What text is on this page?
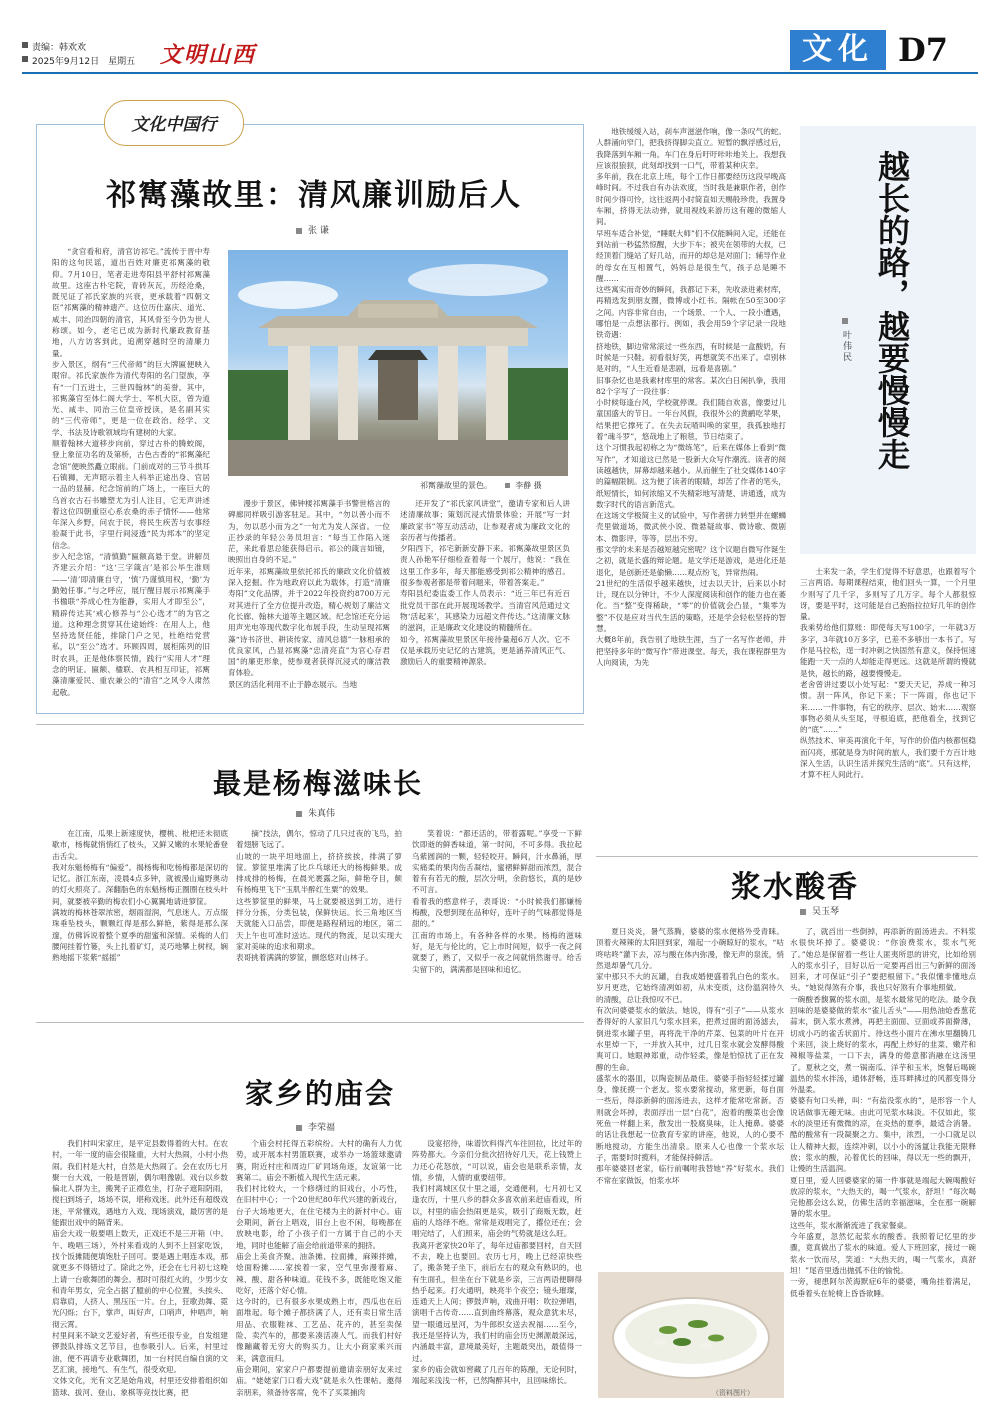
责编：韩欢欢
2025年9月12日　星期五 文明山西	文化 D7
文化中国行
祁寯藻故里：清风廉训励后人
张 谦
“贪官看和府，清官访祁宅。”流传于晋中寿阳的这句民谣，道出百姓对廉吏祁寯藻的敬仰。7月10日，笔者走进寿阳县平舒村祁寯藻故里。这座古朴宅院，青砖灰瓦，历经沧桑，既见证了祁氏家族的兴衰，更承载着“四朝文臣”祁寯藻的精神遗产。这位历仕嘉庆、道光、咸丰、同治四朝的清官，其风骨至今仍为世人称颂。如今，老宅已成为新时代廉政教育基地，八方访客到此，追溯穿越时空的清廉力量。
步入景区，纲有“三代帝师”的巨大牌匾便映入眼帘。祁氏家族作为清代寿阳的名门望族，享有“一门五进士，三世四翰林”的美誉。其中，祁寯藻官至体仁阁大学士、军机大臣，曾为道光、咸丰、同治三位皇帝授读，是名副其实的“三代帝师”，更是一位在政治、经学、文学、书法及诗歌领域均有建树的大家。
顺着翰林大道移步向前，穿过古朴的腾蛟阁，登上象征功名的及第桥，古色古香的“祁寯藻纪念馆”便映然矗立眼前。门前成对的三节斗拱耳石镇狮，无声昭示着主人科举正途出身、官居一品的显赫。纪念馆前的广场上，一座巨大的乌首衣古石书雕塑尤为引人注目，它无声讲述着这位四朝重臣心系农桑的赤子情怀——他常年深入乡野，问农于民，将民生疾苦与农事经验凝于此书，字里行间浸透“民为邦本”的坚定信念。
步入纪念馆，“清慎勤”匾额高悬于堂。讲解员齐建云介绍：“这‘三字箴言’是祁公毕生准则——‘清’即清廉自守，‘慎’乃谨慎用权，‘勤’为勤勉任事。”与之呼应，展厅醒目展示祁寯藻手书楹联“养成心性为能静，实用人才即至公”，精辟传达其‘戒心修养与“公心选才”的为官之道。这种理念贯穿其仕途始终：在用人上，他坚持选贤任能，排除门户之见，杜绝结党营私，以“至公”选才。环顾四周，展柜陈列的旧时农具，正是他体察民情，践行“实用人才”理念的明证。匾额、楹联、农具相互印证，祁寯藻清廉爱民、重农兼公的“清官”之风令人肃然起敬。
祁寯藻故里的景色。	李静 摄
漫步于景区，佛钟楼祁寯藻手书警世格言的碑廊同样吸引游客驻足。其中，“勿以善小而不为，勿以恶小而为之”一句尤为发人深省。一位正抄录的年轻公务员坦言：“每当工作陷入迷茫，来此看思总能获得启示。祁公的箴言如镜，映照出自身的不足。”
近年来，祁寯藻故里依托祁氏的廉政文化价值被深入挖掘。作为地政府以此为载体，打造“清廉寿阳”文化品牌，并于2022年投资约8700万元对其进行了全方位提升改造，精心规划了廉洁文化长廊、翰林大道等主题区域。纪念馆还充分运用声光电等现代数字化布展手段，生动呈现祁寯藻“诗书济世、耕读传家、清风总德”一脉相承的优良家风，凸显祁寯藻“忠清亮直”为官心存君国”的廉吏形象，使参观者获得沉浸式的廉洁教育体验。
景区的活化利用不止于静态展示。当地
还开发了“祁氏家风讲堂”，邀请专家和后人讲述清廉故事；策划沉浸式情景体验；开展“写一封廉政家书”等互动活动，让参观者成为廉政文化的亲历者与传播者。
夕阳西下，祁宅新新安静下来。祁寯藻故里景区负责人孙艳军仔细检查着每一个展厅，他说：“我在这里工作多年，每天都能感受到祁公精神的感召。很多参观者都是带着问题来，带着答案走。”
寿阳县纪委监委工作人员表示：“近三年已有近百批党员干部在此开展现场教学。当清官风范通过文物‘活起来’，其感染力远超文件传达。”这清廉文脉的滋润，正是廉政文化建设的精髓所在。
如今，祁寯藻故里景区年接待量超6万人次。它不仅是承载历史记忆的古建筑，更是涵养清风正气、激励后人的重要精神源泉。
地铁缓缓入站，刹车声滋滋作响，像一条叹气的蛇。人群涌向窄门，把我挤得脚尖直立。短暂的飘浮感过后，我降落到车厢一角。车门在身后吁吁咔咔地关上。我想我应该很狼狈，此刻却找到一口气，带着某种庆幸。
多年前，我在北京上班，每个工作日都要经历这段早晚高峰时间。不过我自有办法欢度，当时我是兼职作者，创作时间少得可怜，这往返两小时简直如天赐般珍贵。我置身车厢，挤得无法动弹，就用视线来游历这有趣的微缩人间。
早班车适合补觉，“睡眠大师”们不仅能瞬间入定，还能在到站前一秒猛然惊醒，大步下车；被夹在领带的大叔，已经顶着门缝站了好几站，而开的却总是对面门；辅导作业的母女在互相置气，妈妈总是很生气，孩子总是睡不醒……
这些寓实而奇妙的瞬间，我都记下来，先收录进素材库，再精选发到朋友圈，微博或小红书。隔帐在50至300字之间。内容非常自由，一个场景、一个人、一段小遭遇，哪怕是一点想法都行。例如，我会用59个字记录一段地铁奇遇：
挤地铁，脚边常常滚过一些东西，有时候是一盒酸奶，有时候是一只鞋。初看很好笑，再想就笑不出来了。卓别林是对的，“人生近看是悲剧，远看是喜剧。”
旧事杂忆也是我素材库里的常客。某次白日闲扒拳，我用82个字写了一段往事：
小时候每逢台风，学校就停课。我们随自欢喜，像要过儿童国盛大的节日。一年台风假，我很外公的黄鹂吃苹果，结果把它撑死了。在失去玩喳叫唤的家里，我孤独地打着“魂斗罗”，悠哉地上了粮毯，节日结束了。
这个习惯我起初称之为“微练笔”，后来在媒体上看到“微写作”，才知道这已然是一股新大众写作潮流。读者的阅读越越快，屏幕却越来越小。从而催生了社交媒体140字的篇幅限制。这为便了读者的眼睛，却苦了作者的笔头，纸短情长，如何浓缩又不失精彩地写清楚、讲通透，成为数字时代的语言新范式。
在这场文学极简主义的试验中，写作者拼力转型并在螺蛳壳里做道场，微武侠小说、微悬疑故事、微诗歌、微剧本、微影评，等等，层出不穷。
那文学的未来是否越短越完密呢？这个议题自微写作诞生之初，就是长盛的辩论题。是文学还是游戏，是进化还是退化，是创新还是偷懒……观点纷飞，异常热闹。
21世纪的生活似乎越来越快，过去以天计，后来以小时计，现在以分钟计，不少人深度阅读和创作的能力也在萎化。当“整”变得稀缺，“零”的价值就会凸显，“集零为整”不仅是应对当代生活的策略，还是学会轻松坚持的智慧。
大概8年前，我告别了地铁生涯，当了一名写作老师，并把坚持多年的“微写作”带进课堂。每天，我在课程群里为人向阅读，为先
越长的路，越要慢慢走
叶伟民
士来发一条，学生们觉得不好意思，也跟着写个三言两语。每期课程结束，他们回头一算，一个月里少则写了几千字，多则写了几万字。每个人都很惊讶，要是平时，这可能是自己抱指拉拉好几年的创作量。
我乘势给他们算账：即使每天写100字，一年就3万多字，3年就10万多字，已差不多够出一本书了。写作是马拉松，逞一时冲刺之快固然有意义，保持恒速能跑一天一点的人却能走得更远。这就是所谓的慢就是快，越长的路，越要慢慢走。
老舍曾讲过要以小处写起：“要天天记，养成一种习惯。刮一阵风，你记下来；下一阵雨，你也记下来……一件事物，有它的秩序、层次、始末……观察事物必须从头至尾，寻根追底，把他看全，找到它的“底”……”
纵然技术、审美再演化千年，写作的价值内核都恒稳而闪亮，那就是身为时间的旅人，我们要千方百计地深入生活，认识生活并探究生活的“底”。只有这样，才算不枉人间此行。
最是杨梅滋味长
朱真伟
在江南，瓜果上新速度快，樱桃、枇杷还未彻底歇市，杨梅就悄悄红了枝头，又鲜又嫩的水果轮番登击舌尖。
我对东魁杨梅有“偏爱”。揭杨梅和吃杨梅都是深切的记忆。浙江东南，凌晨4点多钟，就被漫山遍野奥动的灯火照亮了。深翻脂色的东魁杨梅正圈圈在枝头叶间，就要被辛勤的梅农们小心翼翼地请进箩筐。
满坡的梅林苍翠浓密，烟雨湿润，气息迷人。万点缀珠垂坠枝头，颗颗红得是那么鲜艳，紫得是那么深邃，仿佛诉说着整个夏季的甜蜜和深情。采梅的人们腰间挂着竹篓，头上扎着矿灯，灵巧地攀上树杈，娴熟地摇下浆紫“摇摇”
摘”技法，偶尔，惊动了几只过夜的飞鸟，拍着翅膀飞远了。
山坡的一块平坦地面上，挤挤挨挨，排满了箩筐。箩筐里堆满了比乒乓球还大的杨梅鲜果。成排成排的杨梅，在晨光裹露之际，鲜艳夺目，颇有杨梅里飞下“玉肌半醉红生粟”的效果。
这些箩筐里的鲜果，马上就要被送到工坊，进行拌分分拣，分类包装，保鲜快运。长三角地区当天就能入口品尝，即便是路程稍远的地区，第二天上午也可准时送达。现代的物流，足以实现大家对美味的追求和期求。
表哥挑着满满的箩筐，颤悠悠对山林子。
笑着说：“都还活的，带着露呢。”享受一下鲜饮即逝的鲜香味道，第一时间，不可多得。我拉起乌紫圆润的一颗，轻轻咬开。瞬间，汁水鼻涌，厚实痛柔的果肉伤舌凝结，蜜褶鲜鲜甜而浓烈，混合着有有若无的酸，层次分明，余韵悠长，真的是妙不可言。
看着我的憨意样子，表哥说：“小时候我们都嫌杨梅酸，没想到现在品种好，连叶子的气味都觉得是甜的。”
江南的市场上，有各种各样的水果。杨梅的滋味好，是无与伦比的，它上市时间短，似乎一夜之间就要了，熟了，又似乎一夜之间就悄然谢寻。给舌尖留下的，满满都是回味和追忆。
家乡的庙会
李荣福
我们村叫宋家庄，是平定县数得着的大村。在农村，一年一度的庙会很隆重，大村大热闹，小村小热闹。我们村是大村，自然是大热闹了。会在农历七月聚一台大戏，一般是晋剧，偶尔唱豫剧。戏台以乡数偏北人群为主，搬凳子正襟危坐，打杂子遮阳阴雨，搅扫到场子，场场不误，堪称戏迷。此外还有超级戏迷，平常懂戏，遇地方入戏、现场演戏，最厉害的是能跟出戏中的隔背来。
庙会大戏一般要唱上数天，正戏还不是三开箱（中、午、晚唱三场），外村来看戏的人到不上回家吃饭，找个饭摊随便填饱肚子回可。要是遇上唱连本戏，那就更多不得错过了。除此之外，还会在七月初七这晚上请一台歌舞团的舞会。那时可很红火的，少男少女和青年男女，完全占据了臆前的中心位置，头挨头、肩靠肩，人挤人、黑压压一片。台上，狂歌劲舞、霓光闪烁；台下，掌声，叫好声，口哨声，仲唱声，响彻云霄。
村里间来不缺文艺爱好者，有些还很专业，自发组建锣鼓队排练文艺节目，也参吸引人。后来，村里过油，便不再请专业歌舞团，加一台村民自编自演的文艺汇演，接地气、有生气，很受欢迎。
文体文化，光有文艺是始角戏，村里还安排着组织如篮球、拔河、登山、象棋等竞技比赛，把
个庙会村托得五彩缤纷。大村的确有人力优势，或开展本村男篮联赛，或举办一场篮球邀请赛，附近村庄和周边厂矿同场角逐，友谊第一比赛第二。庙会不断植入现代生活元素。
我们村比较大，一个修缮过的旧戏台，小巧性，在旧村中心；一个20世纪80年代兴建的新戏台，台子大场地更大，在住宅楼为主的新村中心。庙会期间，新台上唱戏，旧台上也不闲，每晚都在放映电影，给了小孩子们一方属于自己的小天地，同时也能解了庙会给前道带来的拥挤。
庙会上美食齐聚。油条摊、拉面摊，麻辣拌摊，烩面粉摊……家挨着一家，空气里弥漫着麻、辣、酸、甜各种味道。花钱不多，既能吃饱又能吃好，还落个好心情。
这今时的，已有很多水果成熟上市，西瓜也在后面堆起。每个摊子都挤满了人，还有卖日常生活用品、衣服鞋袜、工艺品、花卉的，甚至卖保险、卖汽车的，都要来凑活凑人气。而我们村好像蹦藏着无穷大的购买力，让大小商家乘兴而来，满意而归。
庙会期间，家家户户都要提前邀请亲朋好友来过庙。“姥姥家门口看大戏”就是永久性课帖。邀得亲朋来，须备待客席，免不了买菜捕肉
设宴招待，味谱饮料得汽车往回拉，比过年的阵势都大。今亲们分批次招待好几天，花上钱赞上力还心花怒放，“可以说，庙会也是联系亲情，友情，乡情，人情的重要纽带。
我们村离城区仅十里之遥，交通便利，七月初七又逢农历，十里八乡的群众多喜欢前来赶庙看戏，所以，村里的庙会热闹更是实，吸引了商贩无数，赶庙的人络绎不绝。常常是戏唱完了，撂位还在；会唱完结了，人们照来，庙会的气势就是这么旺。
我离开老家快20年了，每年过庙都要回村，自天回不去，晚上也要回。农历七月，晚上已经凉快些了，搬条凳子坐下，前后左右的观众有熟识的，也有生面孔，但坐在台下就是乡亲，三言两语便聊得热乎起来。打火通明，映亮半个夜空；镜头璀璨，连通天上人间；锣鼓声响，戏曲开唱：吹拉弹唱，演唱千古传奇……直到曲终幕落，观众意犹未尽，望一眼通远星河，为牛郎织女送去祝福……至今，我还是坚持认为，我们村的庙会历史渊源最深远，内涵最丰富，意境最美好，主题最突出，最值得一过。
家乡的庙会就如窖藏了几百年的陈酿，无论何时，端起来浅浅一杯，已然陶醉其中，且回味绵长。
浆水酸香
吴玉琴
夏日炎炎，暑气蒸腾，婆婆的浆水便格外受青睐。顶着火辣辣的太阳回到家，端起一小碗晾好的浆水，“咕咚咕咚”灌下去，凉与酸在体内弥漫，像无声的泉流，悄然退却暑气几分。
家中那只不大的瓦罐，自我成婚便盛着乳白色的浆水。岁月更迭，它始终清冽如初，从未变质，这份温润待久的清酸，总让我惊叹不已。
有次问婆婆浆水的做法。她说，得有“引子”——从浆水香得好的人家旧几勺浆水回来，把煮过面的面汤滤去，倒进浆水罐子里，再将洗干净的芹菜、包菜的叶片在开水里焯一下，一并放入其中，过几日浆水就会发酵得酸爽可口。她眼神郑重，动作轻柔，像是怕惊扰了正在发酵的生命。
盛浆水的器皿，以陶瓷制品最佳。婆婆手指轻轻揉过罐身，像抚摸一个老友。浆水要常搅动，常更新，每自面一些后，得添新鲜的面汤进去，这样才能常吃常新。否则就会坏掉，表面浮出一层“白花”，泡着的酸菜也会像死鱼一样翻上来，散发出一股腐臭味，让人掩鼻。婆婆的话让我想起一位教育专家的讲座，他说，人的心要不断地搅动，方能生出清泉。原来人心也像一个浆水坛子，需要时时揽料，才能保持鲜活。
那年婆婆回老家，临行前嘱咐我替她“养”好浆水。我们不常在家做饭，怕浆水坏
了，就舀出一些倒掉，再添新的面汤进去。不料浆水很快坏掉了。婆婆说：“你浪费浆水，浆水气死了。”她总是保留着一些让人匪夷所思的讲究，比如给别人的浆水引子，目好以后一定要再舀出三勺新鲜的面汤回来，才可保证“引子”要把根留下。”我似懂非懂地点头。“她说得煞有介事，我也只好煞有介事地照做。
一碗酸香馥翼的浆水面，是浆水最常见的吃法。最令我回味的是婆婆做的浆水“雀儿舌头”——用热油炝香葱花蒜末，倒入浆水煮沸，再把主面面、豆面或荞面擀薄，切成小巧的雀舌状面片。待这些小面片在沸水里翻腾几个来回，淡上烧好的浆水，再配上炒好的韭菜、嫩芹和辣椒等盐菜，一口下去，满身的倦意都消融在这汤里了。夏秋之交，煮一锅南瓜、洋芋和玉米，饱餐后喝碗温热的浆水拌汤，通体舒畅，连耳畔拂过的风都变得分外温柔。
婆婆有句口头禅，叫：“有盐没浆水的”，是形容一个人说话做事无趣无味。由此可见浆水味淡。不仅如此，浆水的淡里还有微微的凉，在炎热的夏季，最适合消暑。酷的酸常有一段凝聚之力。集中，浓烈，一小口就足以让人精神大振，连续冲刺，以小小的汤氲让我能无限释放；浆水的酸，沁着优长的回味，得以无一些的飘开，让慢的生活温润。
夏日里，爱人回婆婆家的第一件事就是端起大碗喝酸好放凉的浆水，“大热天的，喝一气浆水，舒坦！”每次喝完他都会这么说，仿佛生活的幸福滋味，全在那一碗解暑的浆水里。
这些年，浆水渐渐流进了我家餐桌。
今年盛夏，忽然忆起浆水的酸香。我照着记忆里的步骤，竟真做出了浆水的味道。爱人下班回家，接过一碗浆水一饮而尽，笑道：“大热天的，喝一气浆水，真舒坦！”尾音里透出抛弧不住的愉悦。
一旁，褪患阿尔茨海默症6年的婆婆，嘴角挂着满足，低垂着头在轮椅上昏昏欲睡。
（资料图片）
